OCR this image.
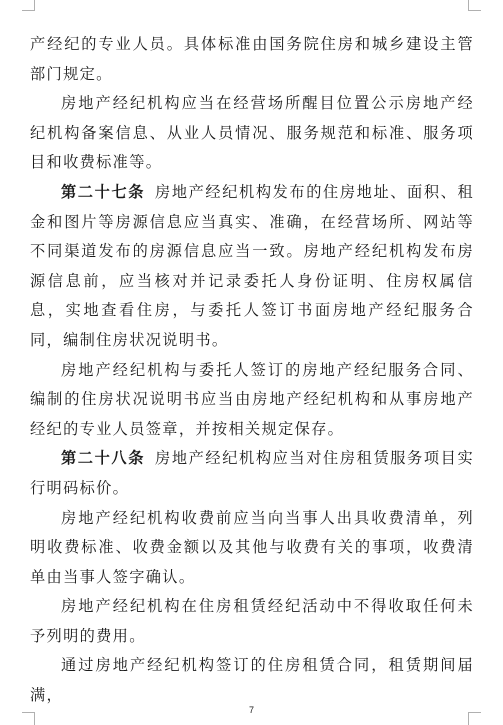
产经纪的专业人员。具体标准由国务院住房和城乡建设主管部门规定。

房地产经纪机构应当在经营场所醒目位置公示房地产经纪机构备案信息、从业人员情况、服务规范和标准、服务项目和收费标准等。

第二十七条 房地产经纪机构发布的住房地址、面积、租金和图片等房源信息应当真实、准确，在经营场所、网站等不同渠道发布的房源信息应当一致。房地产经纪机构发布房源信息前，应当核对并记录委托人身份证明、住房权属信息，实地查看住房，与委托人签订书面房地产经纪服务合同，编制住房状况说明书。

房地产经纪机构与委托人签订的房地产经纪服务合同、编制的住房状况说明书应当由房地产经纪机构和从事房地产经纪的专业人员签章，并按相关规定保存。

第二十八条 房地产经纪机构应当对住房租赁服务项目实行明码标价。

房地产经纪机构收费前应当向当事人出具收费清单，列明收费标准、收费金额以及其他与收费有关的事项，收费清单由当事人签字确认。

房地产经纪机构在住房租赁经纪活动中不得收取任何未予列明的费用。

通过房地产经纪机构签订的住房租赁合同，租赁期间届满，

7
